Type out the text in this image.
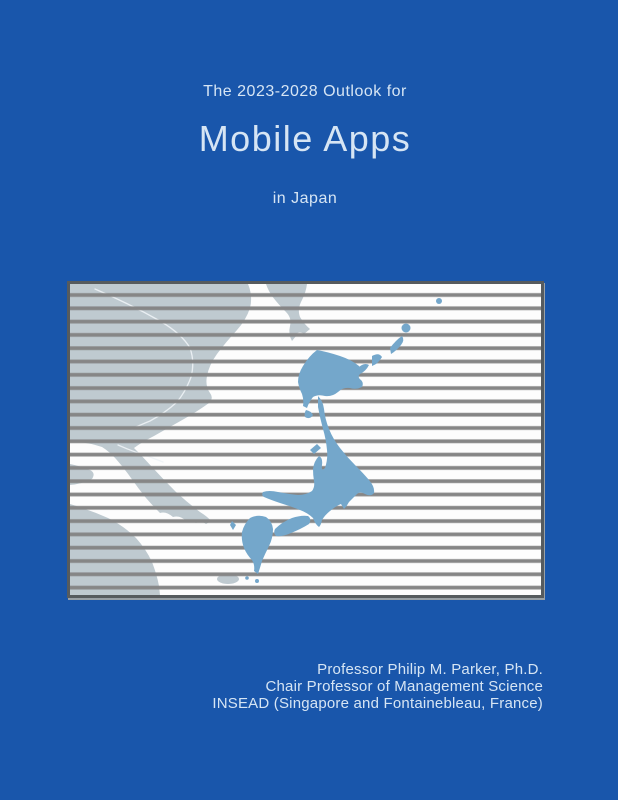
The 2023-2028 Outlook for
Mobile Apps
in Japan
Professor Philip M. Parker, Ph.D.
Chair Professor of Management Science
INSEAD (Singapore and Fontainebleau, France)
